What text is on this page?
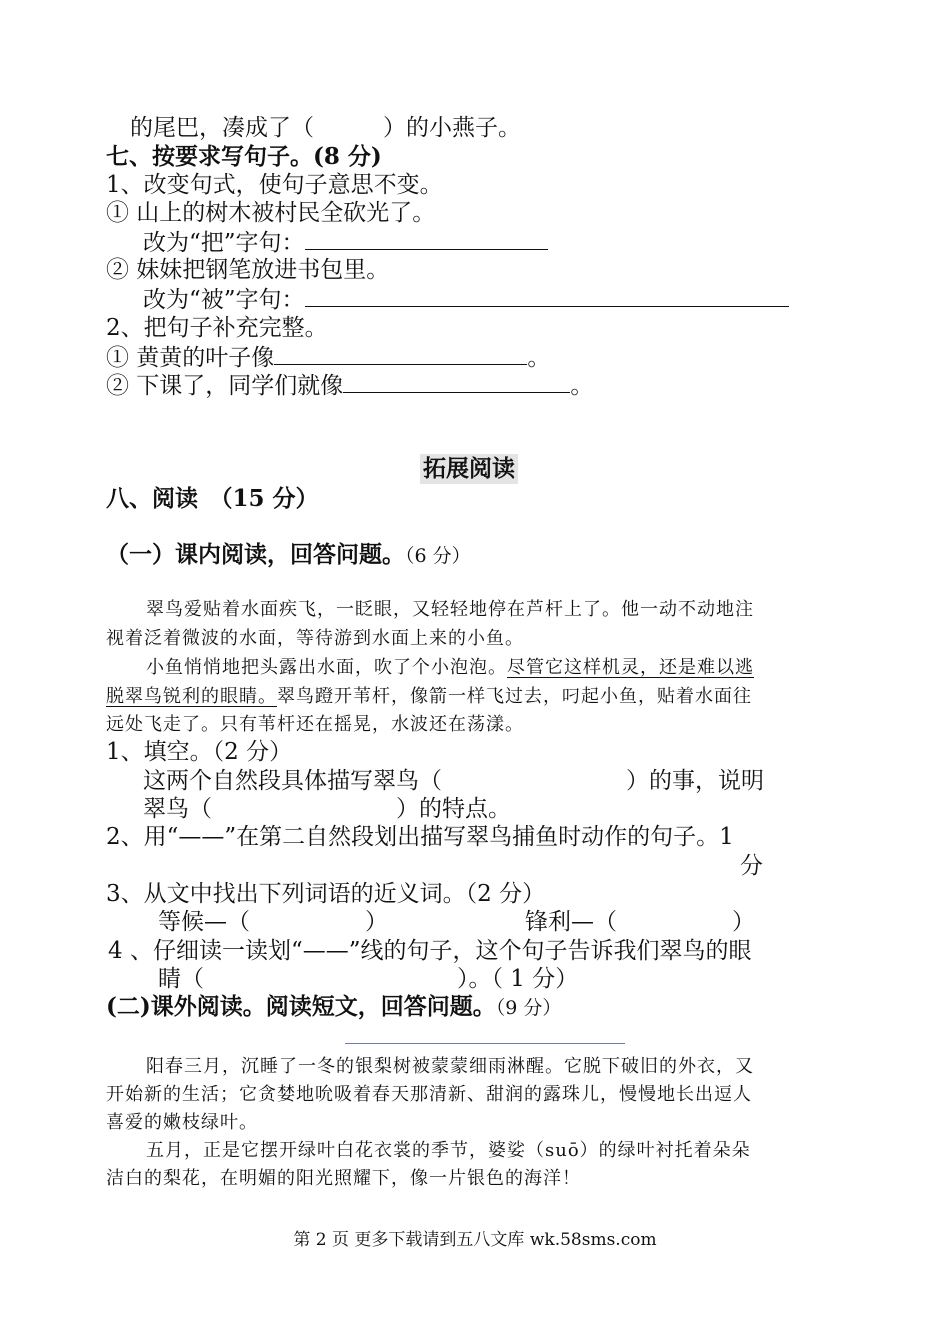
的尾巴，凑成了（　　　）的小燕子。
七、按要求写句子。(8 分)
1、改变句式，使句子意思不变。
① 山上的树木被村民全砍光了。
改为“把”字句：
② 妹妹把钢笔放进书包里。
改为“被”字句：
2、把句子补充完整。
① 黄黄的叶子像	。
② 下课了，同学们就像	。
拓展阅读
八、阅读　（15 分）
（一）课内阅读，回答问题。（6 分）
翠鸟爱贴着水面疾飞，一眨眼，又轻轻地停在芦杆上了。他一动不动地注
视着泛着微波的水面，等待游到水面上来的小鱼。
小鱼悄悄地把头露出水面，吹了个小泡泡。尽管它这样机灵，还是难以逃
脱翠鸟锐利的眼睛。翠鸟蹬开苇杆，像箭一样飞过去，叼起小鱼，贴着水面往
远处飞走了。只有苇杆还在摇晃，水波还在荡漾。
1、填空。（2 分）
这两个自然段具体描写翠鸟（　　　　　　　　）的事，说明
翠鸟（　　　　　　　　）的特点。
2、用“——”在第二自然段划出描写翠鸟捕鱼时动作的句子。1
分
3、从文中找出下列词语的近义词。（2 分）
等候—（　　　　　）	锋利—（　　　　　）
4 、仔细读一读划“——”线的句子，这个句子告诉我们翠鸟的眼
睛（　　　　　　　　　　　）。（ 1 分）
(二)课外阅读。阅读短文，回答问题。（9 分）
阳春三月，沉睡了一冬的银梨树被蒙蒙细雨淋醒。它脱下破旧的外衣，又
开始新的生活；它贪婪地吮吸着春天那清新、甜润的露珠儿，慢慢地长出逗人
喜爱的嫩枝绿叶。
五月，正是它摆开绿叶白花衣裳的季节，婆娑（suō）的绿叶衬托着朵朵
洁白的梨花，在明媚的阳光照耀下，像一片银色的海洋！
第 2 页 更多下载请到五八文库 wk.58sms.com
